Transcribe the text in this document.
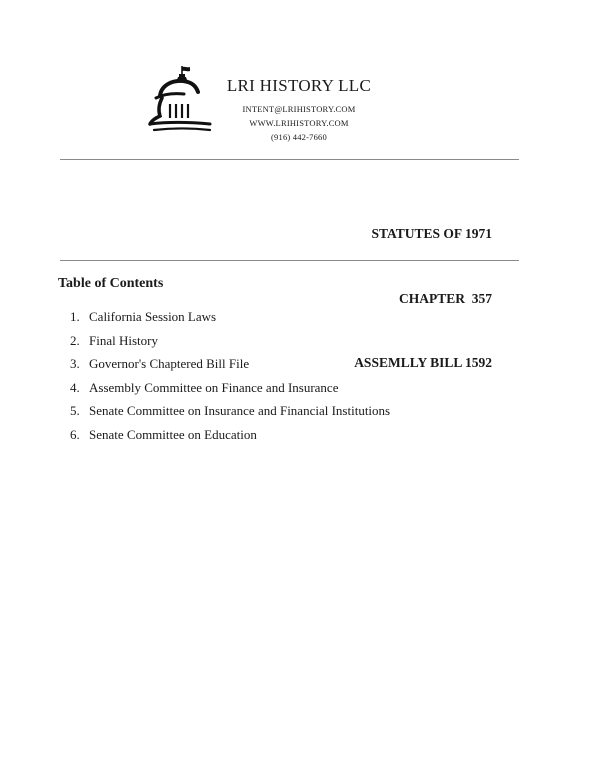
LRI HISTORY LLC
INTENT@LRIHISTORY.COM
WWW.LRIHISTORY.COM
(916) 442-7660

STATUTES OF 1971

CHAPTER  357

ASSEMLLY BILL 1592

Table of Contents
1. California Session Laws
2. Final History
3. Governor's Chaptered Bill File
4. Assembly Committee on Finance and Insurance
5. Senate Committee on Insurance and Financial Institutions
6. Senate Committee on Education
